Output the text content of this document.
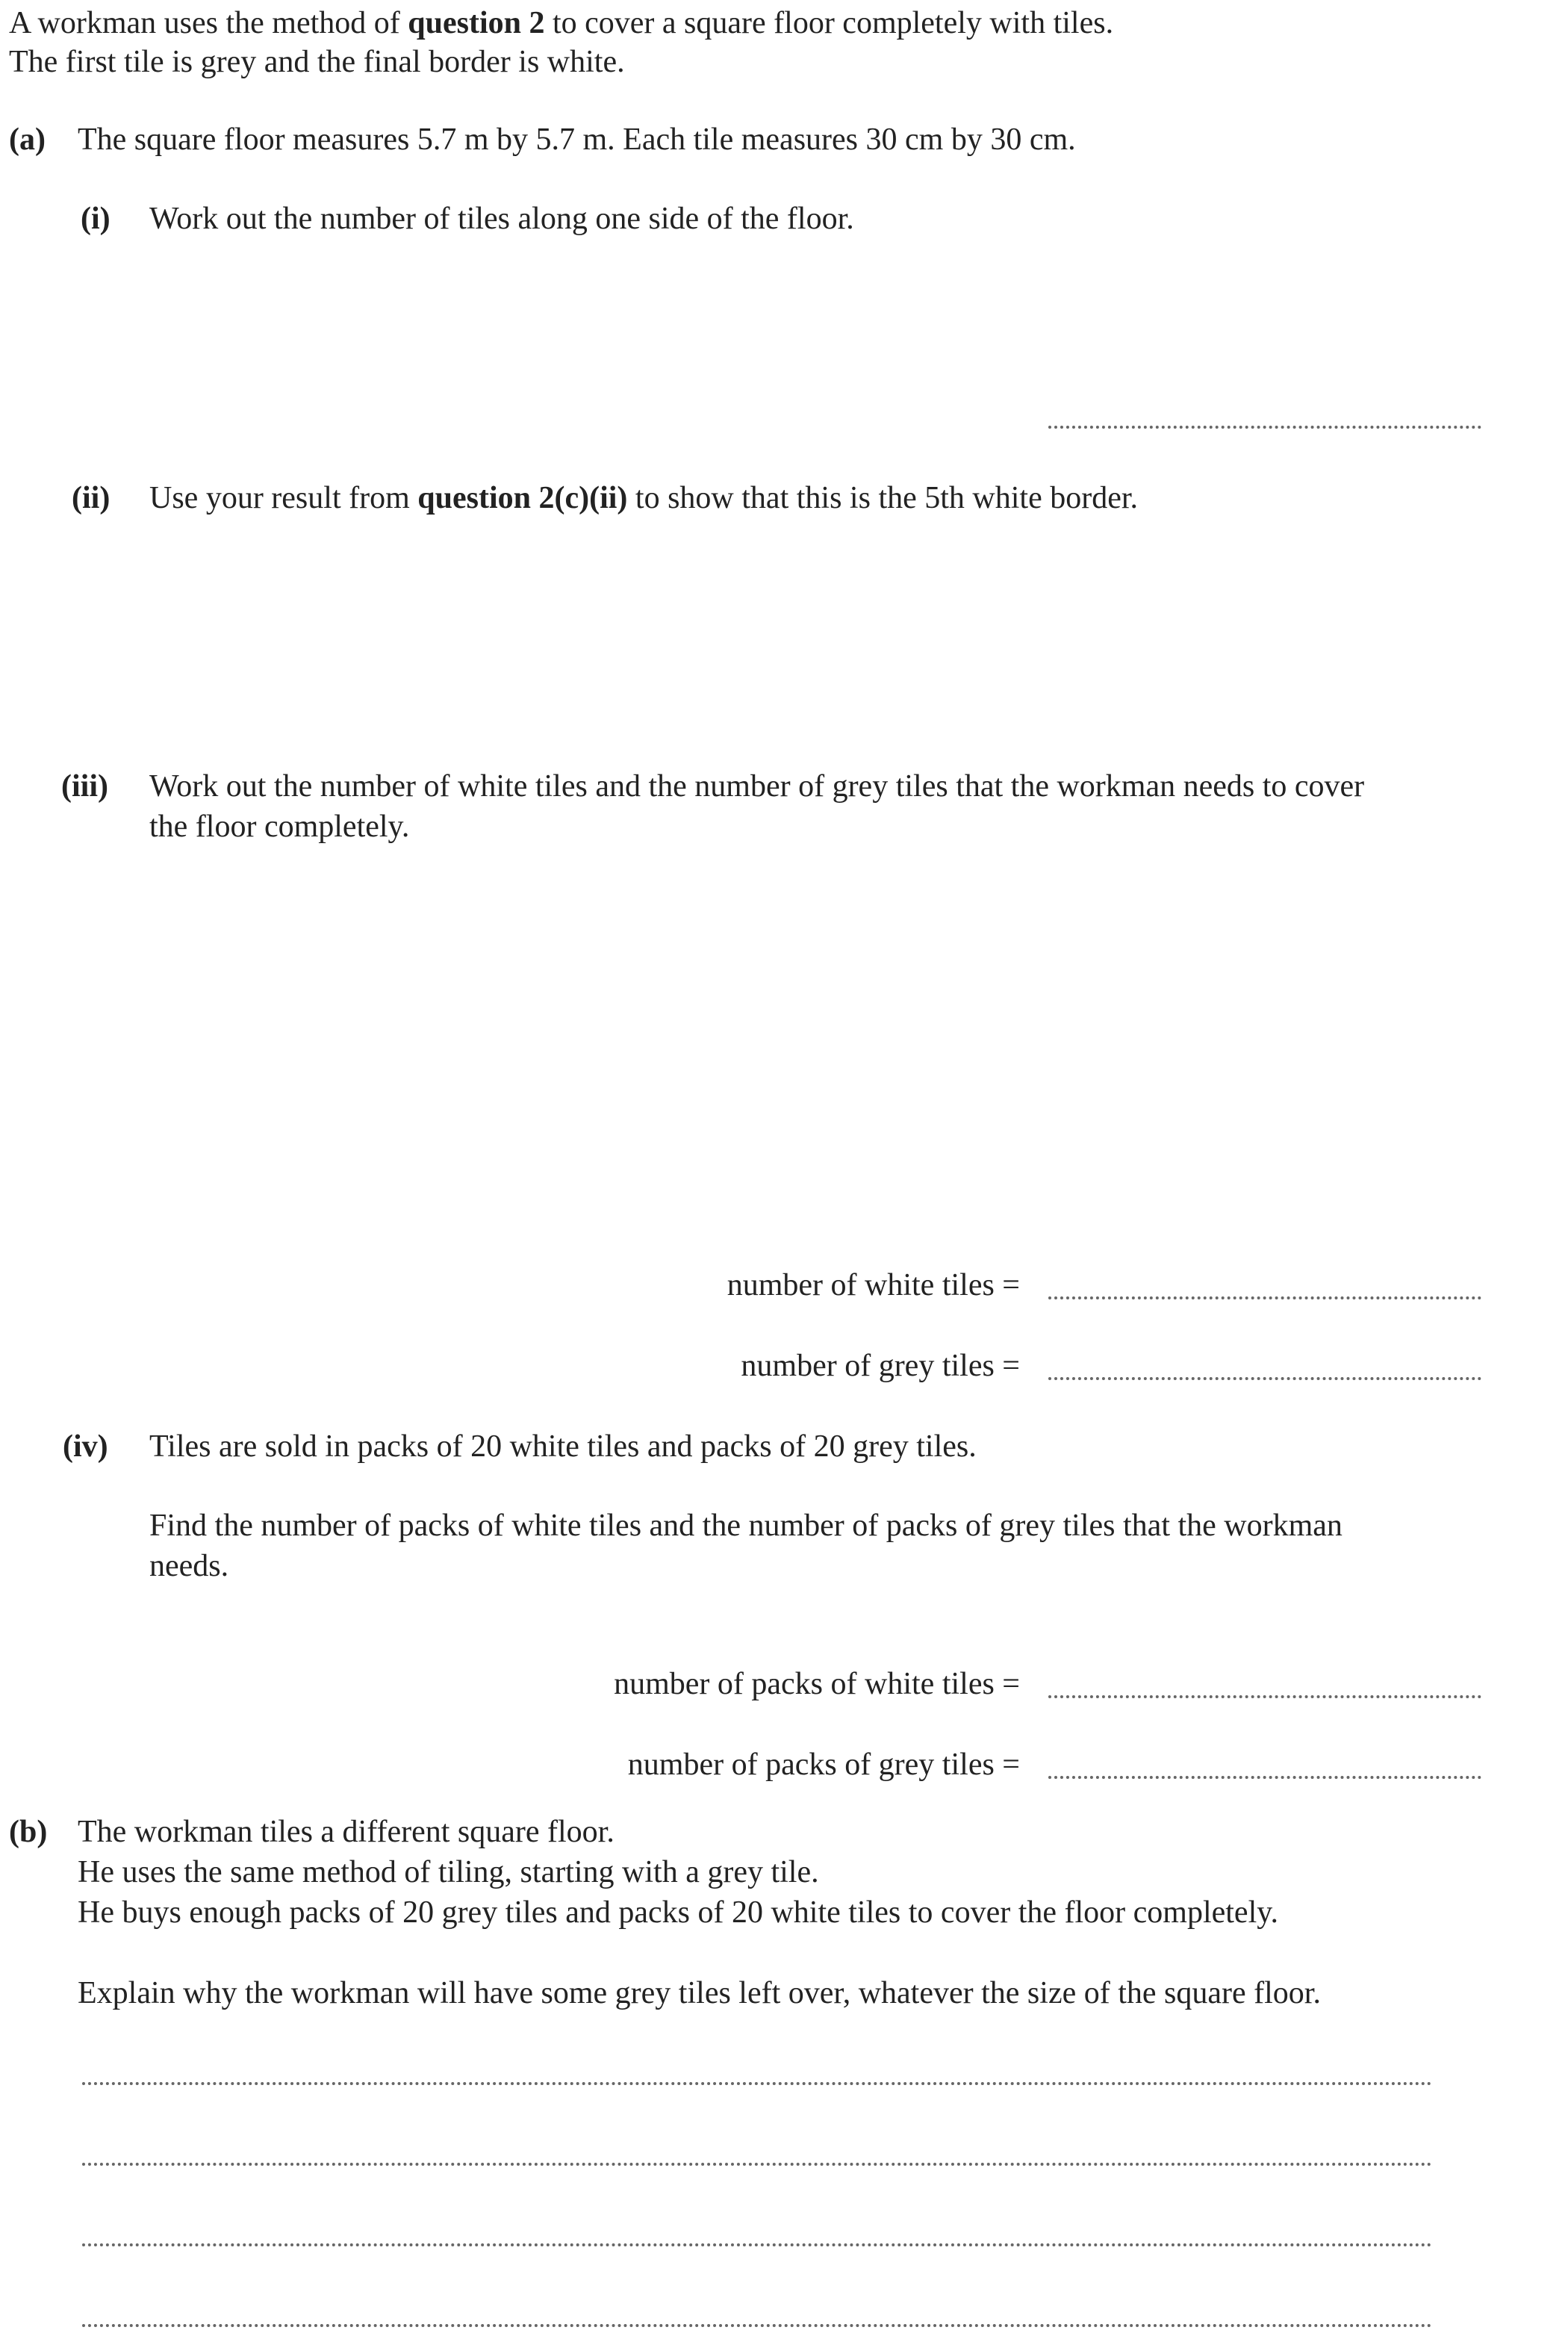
A workman uses the method of question 2 to cover a square floor completely with tiles.
The first tile is grey and the final border is white.
(a) The square floor measures 5.7 m by 5.7 m. Each tile measures 30 cm by 30 cm.
(i) Work out the number of tiles along one side of the floor.
(ii) Use your result from question 2(c)(ii) to show that this is the 5th white border.
(iii) Work out the number of white tiles and the number of grey tiles that the workman needs to cover
the floor completely.
number of white tiles =
number of grey tiles =
(iv) Tiles are sold in packs of 20 white tiles and packs of 20 grey tiles.
Find the number of packs of white tiles and the number of packs of grey tiles that the workman
needs.
number of packs of white tiles =
number of packs of grey tiles =
(b) The workman tiles a different square floor.
He uses the same method of tiling, starting with a grey tile.
He buys enough packs of 20 grey tiles and packs of 20 white tiles to cover the floor completely.
Explain why the workman will have some grey tiles left over, whatever the size of the square floor.
